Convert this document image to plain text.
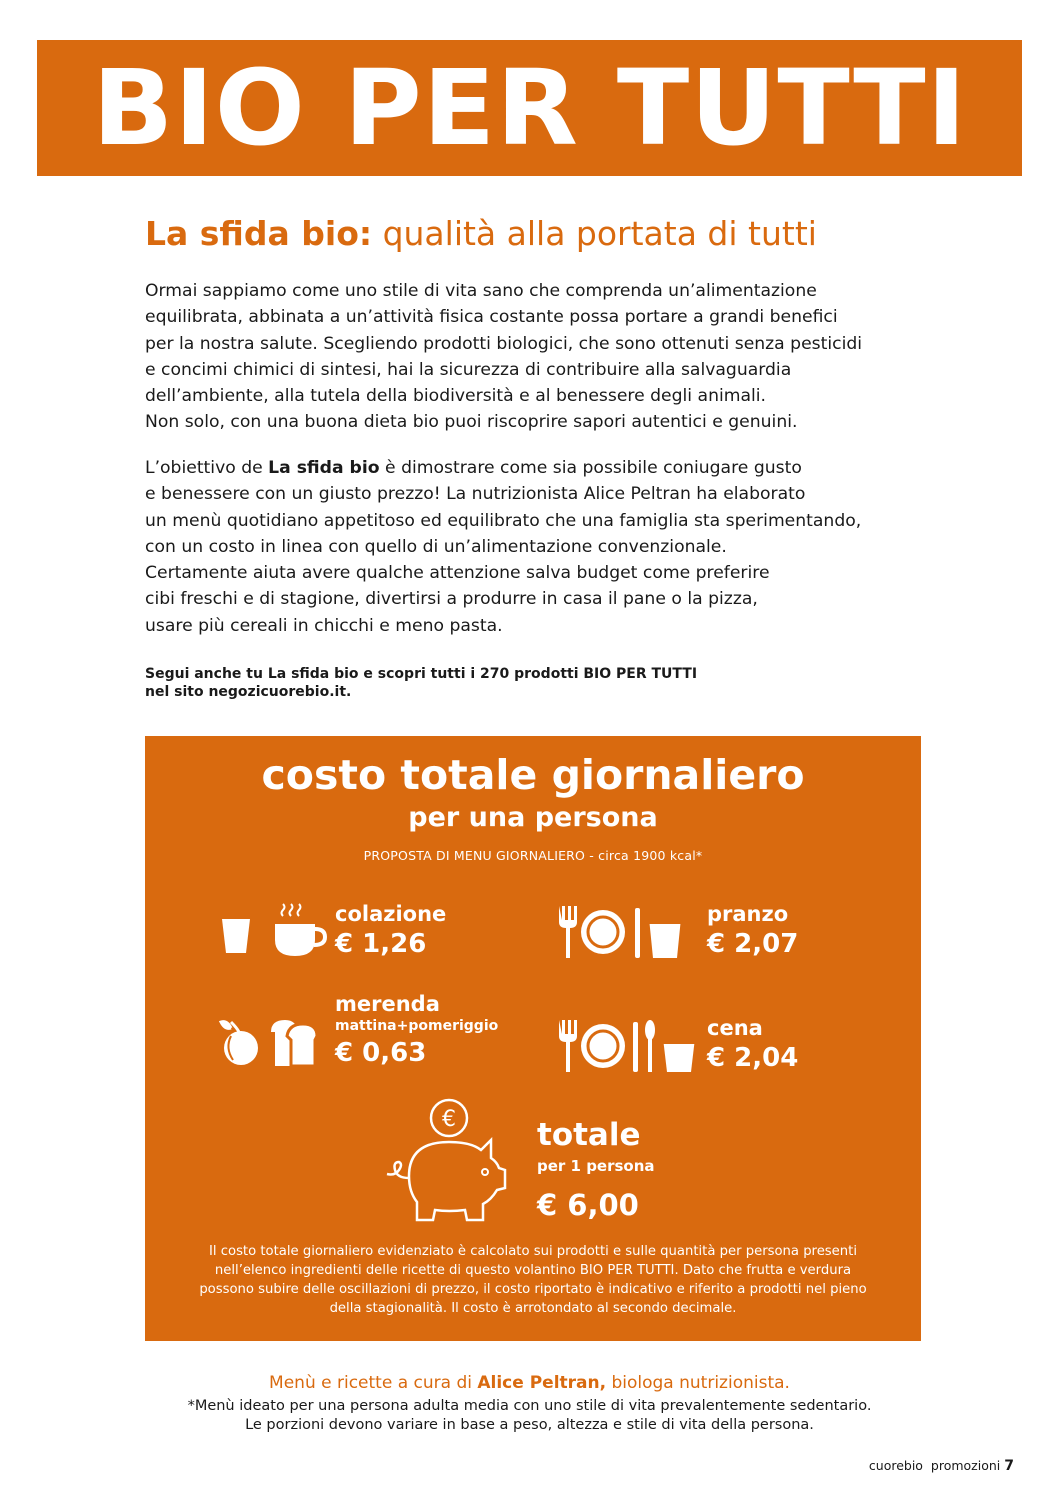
BIO PER TUTTI
La sfida bio: qualità alla portata di tutti
Ormai sappiamo come uno stile di vita sano che comprenda un’alimentazione
equilibrata, abbinata a un’attività fisica costante possa portare a grandi benefici
per la nostra salute. Scegliendo prodotti biologici, che sono ottenuti senza pesticidi
e concimi chimici di sintesi, hai la sicurezza di contribuire alla salvaguardia
dell’ambiente, alla tutela della biodiversità e al benessere degli animali.
Non solo, con una buona dieta bio puoi riscoprire sapori autentici e genuini.
L’obiettivo de La sfida bio è dimostrare come sia possibile coniugare gusto
e benessere con un giusto prezzo! La nutrizionista Alice Peltran ha elaborato
un menù quotidiano appetitoso ed equilibrato che una famiglia sta sperimentando,
con un costo in linea con quello di un’alimentazione convenzionale.
Certamente aiuta avere qualche attenzione salva budget come preferire
cibi freschi e di stagione, divertirsi a produrre in casa il pane o la pizza,
usare più cereali in chicchi e meno pasta.
Segui anche tu La sfida bio e scopri tutti i 270 prodotti BIO PER TUTTI
nel sito negozicuorebio.it.
costo totale giornaliero
per una persona
PROPOSTA DI MENU GIORNALIERO - circa 1900 kcal*
colazione
€ 1,26
pranzo
€ 2,07
merenda
mattina+pomeriggio
€ 0,63
cena
€ 2,04
€	totale
per 1 persona
€ 6,00
Il costo totale giornaliero evidenziato è calcolato sui prodotti e sulle quantità per persona presenti
nell’elenco ingredienti delle ricette di questo volantino BIO PER TUTTI. Dato che frutta e verdura
possono subire delle oscillazioni di prezzo, il costo riportato è indicativo e riferito a prodotti nel pieno
della stagionalità. Il costo è arrotondato al secondo decimale.
Menù e ricette a cura di Alice Peltran, biologa nutrizionista.
*Menù ideato per una persona adulta media con uno stile di vita prevalentemente sedentario.
Le porzioni devono variare in base a peso, altezza e stile di vita della persona.
cuorebio  promozioni 7
